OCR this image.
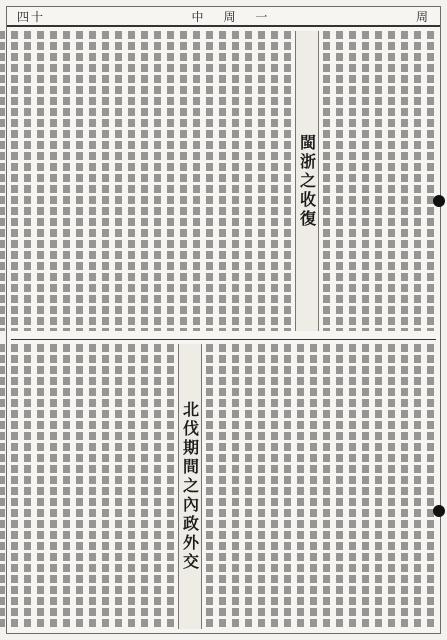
四十	中 周 一	周
閩浙之收復
北伐期間之內政外交
